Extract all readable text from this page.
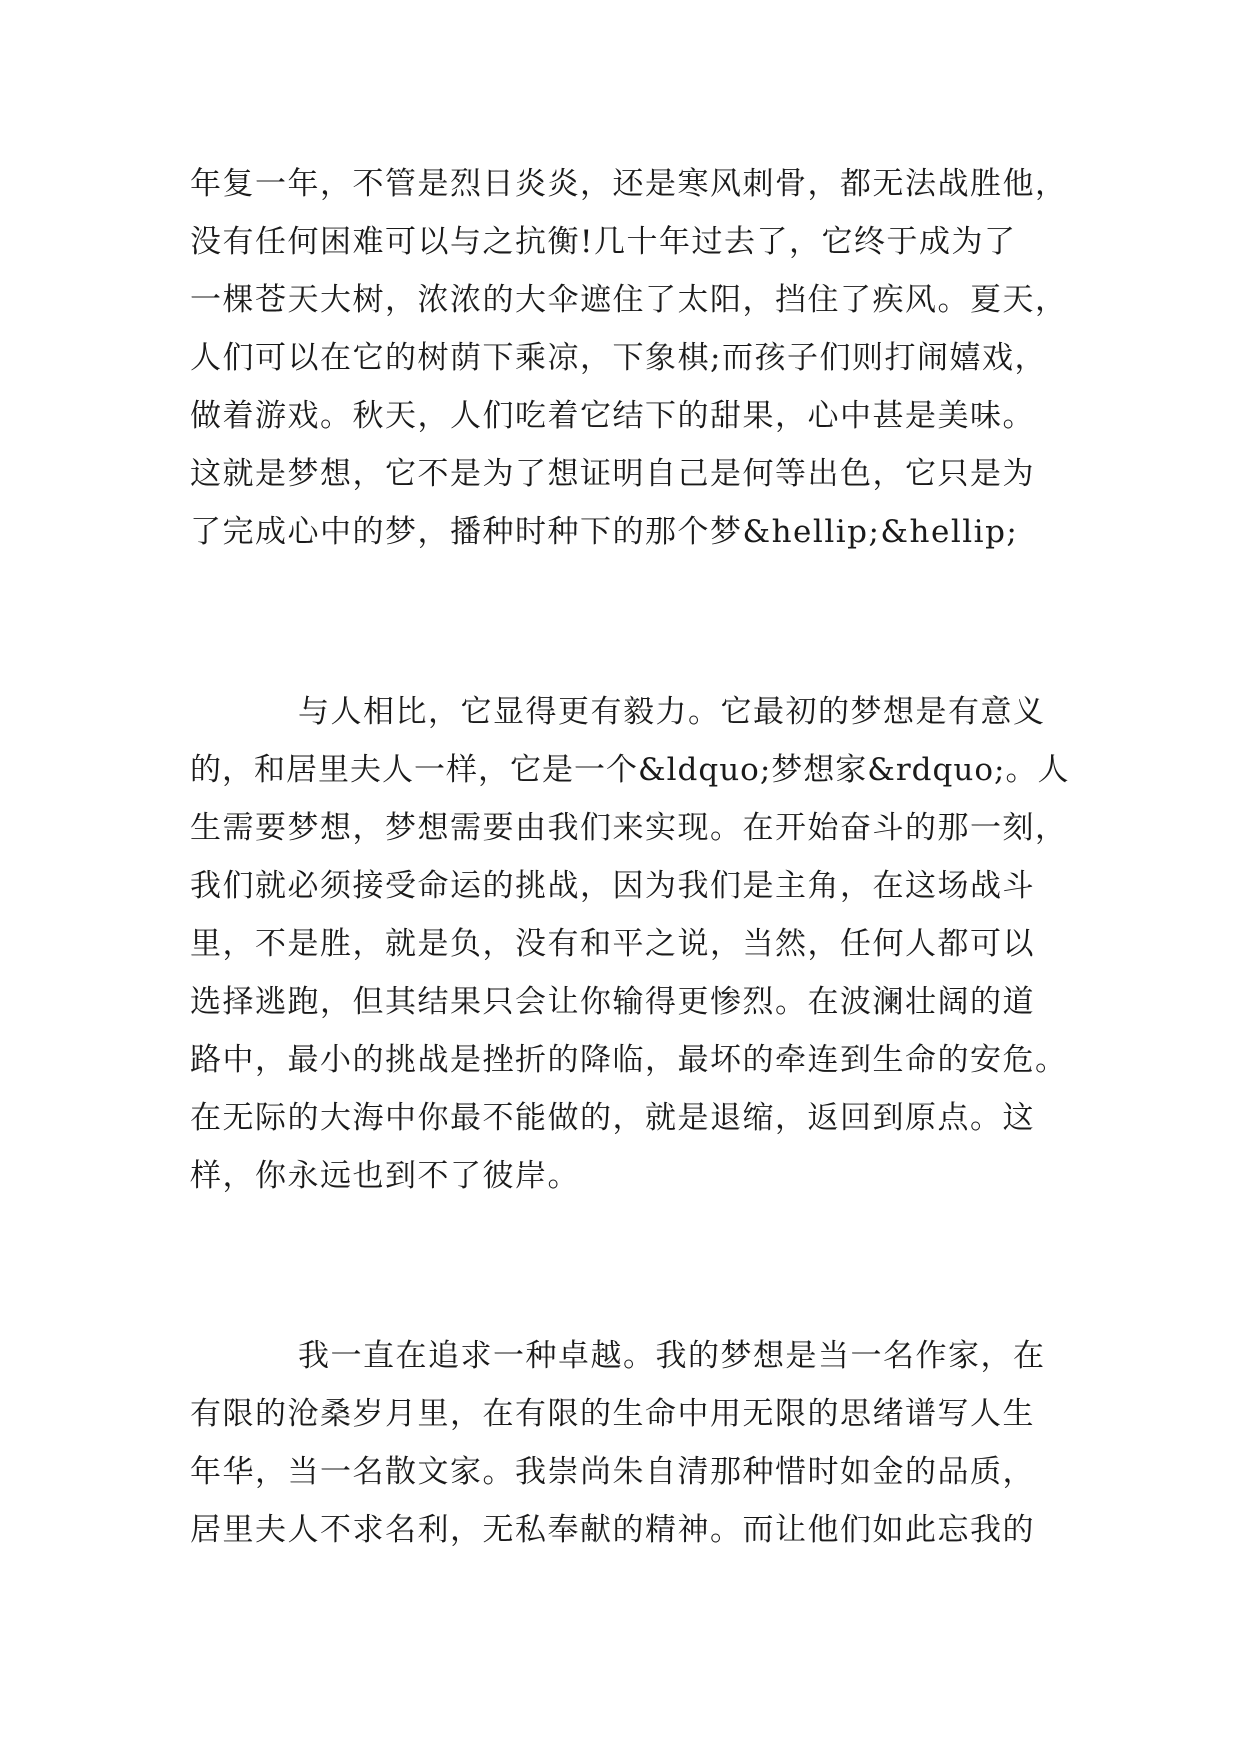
年复一年，不管是烈日炎炎，还是寒风刺骨，都无法战胜他，
没有任何困难可以与之抗衡!几十年过去了，它终于成为了
一棵苍天大树，浓浓的大伞遮住了太阳，挡住了疾风。夏天，
人们可以在它的树荫下乘凉，下象棋;而孩子们则打闹嬉戏，
做着游戏。秋天，人们吃着它结下的甜果，心中甚是美味。
这就是梦想，它不是为了想证明自己是何等出色，它只是为
了完成心中的梦，播种时种下的那个梦&hellip;&hellip;
与人相比，它显得更有毅力。它最初的梦想是有意义
的，和居里夫人一样，它是一个&ldquo;梦想家&rdquo;。人
生需要梦想，梦想需要由我们来实现。在开始奋斗的那一刻，
我们就必须接受命运的挑战，因为我们是主角，在这场战斗
里，不是胜，就是负，没有和平之说，当然，任何人都可以
选择逃跑，但其结果只会让你输得更惨烈。在波澜壮阔的道
路中，最小的挑战是挫折的降临，最坏的牵连到生命的安危。
在无际的大海中你最不能做的，就是退缩，返回到原点。这
样，你永远也到不了彼岸。
我一直在追求一种卓越。我的梦想是当一名作家，在
有限的沧桑岁月里，在有限的生命中用无限的思绪谱写人生
年华，当一名散文家。我崇尚朱自清那种惜时如金的品质，
居里夫人不求名利，无私奉献的精神。而让他们如此忘我的
